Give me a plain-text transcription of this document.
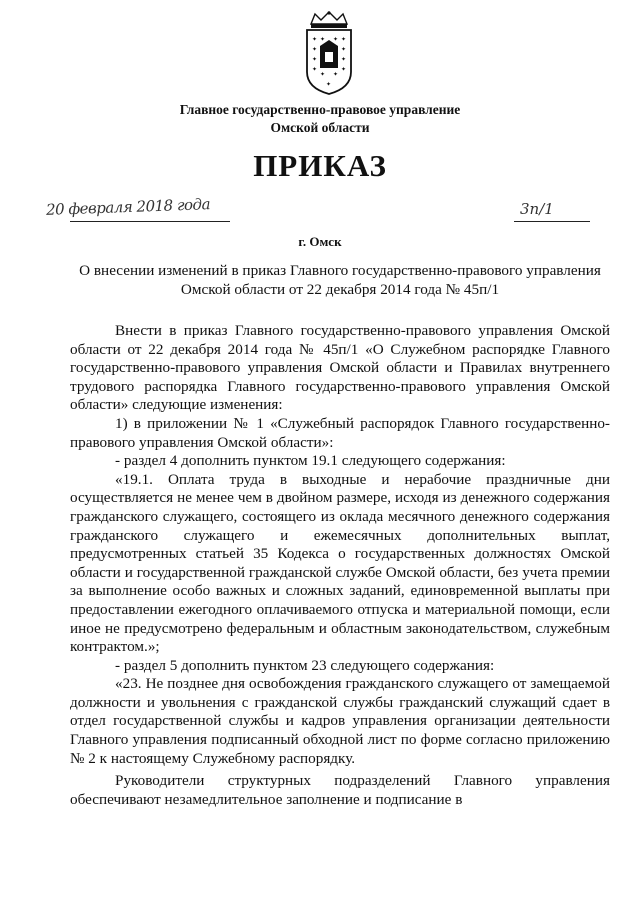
✦ ✦ ✦ ✦
✦	✦
✦	✦
✦
✦ ✦
✦
✦
Главное государственно-правовое управление
Омской области
ПРИКАЗ
20 февраля 2018 года	3п/1
г. Омск
О внесении изменений в приказ Главного государственно-правового управления Омской области от 22 декабря 2014 года № 45п/1

Внести в приказ Главного государственно-правового управления Омской области от 22 декабря 2014 года № 45п/1 «О Служебном распорядке Главного государственно-правового управления Омской области и Правилах внутреннего трудового распорядка Главного государственно-правового управления Омской области» следующие изменения:

1) в приложении № 1 «Служебный распорядок Главного государственно-правового управления Омской области»:

- раздел 4 дополнить пунктом 19.1 следующего содержания:

«19.1. Оплата труда в выходные и нерабочие праздничные дни осуществляется не менее чем в двойном размере, исходя из денежного содержания гражданского служащего, состоящего из оклада месячного денежного содержания гражданского служащего и ежемесячных дополнительных выплат, предусмотренных статьей 35 Кодекса о государственных должностях Омской области и государственной гражданской службе Омской области, без учета премии за выполнение особо важных и сложных заданий, единовременной выплаты при предоставлении ежегодного оплачиваемого отпуска и материальной помощи, если иное не предусмотрено федеральным и областным законодательством, служебным контрактом.»;

- раздел 5 дополнить пунктом 23 следующего содержания:

«23. Не позднее дня освобождения гражданского служащего от замещаемой должности и увольнения с гражданской службы гражданский служащий сдает в отдел государственной службы и кадров управления организации деятельности Главного управления подписанный обходной лист по форме согласно приложению № 2 к настоящему Служебному распорядку.

Руководители структурных подразделений Главного управления обеспечивают незамедлительное заполнение и подписание в
